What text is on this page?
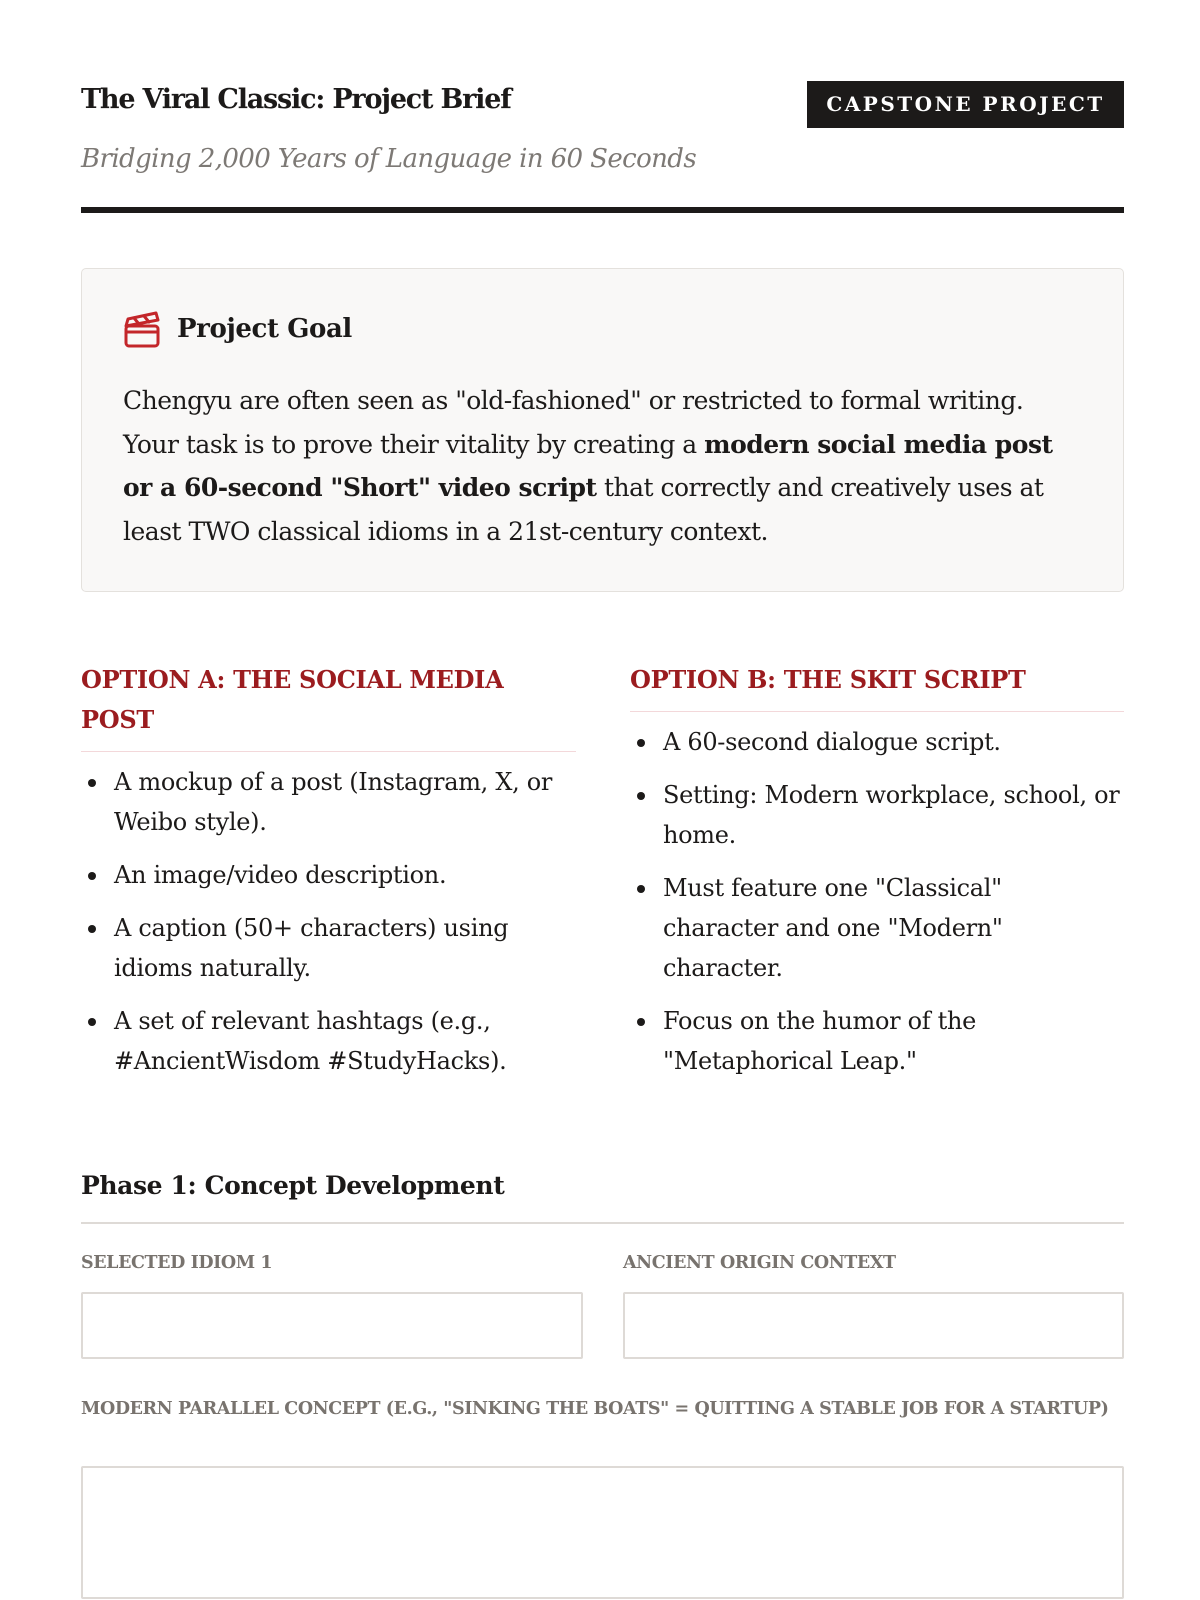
The Viral Classic: Project Brief	CAPSTONE PROJECT
Bridging 2,000 Years of Language in 60 Seconds
Project Goal

Chengyu are often seen as "old-fashioned" or restricted to formal writing. Your task is to prove their vitality by creating a modern social media post or a 60-second "Short" video script that correctly and creatively uses at least TWO classical idioms in a 21st-century context.

OPTION A: THE SOCIAL MEDIA POST
A mockup of a post (Instagram, X, or Weibo style).
An image/video description.
A caption (50+ characters) using idioms naturally.
A set of relevant hashtags (e.g., #AncientWisdom #StudyHacks).
OPTION B: THE SKIT SCRIPT
A 60-second dialogue script.
Setting: Modern workplace, school, or home.
Must feature one "Classical" character and one "Modern" character.
Focus on the humor of the "Metaphorical Leap."
Phase 1: Concept Development
SELECTED IDIOM 1	ANCIENT ORIGIN CONTEXT
MODERN PARALLEL CONCEPT (E.G., "SINKING THE BOATS" = QUITTING A STABLE JOB FOR A STARTUP)
